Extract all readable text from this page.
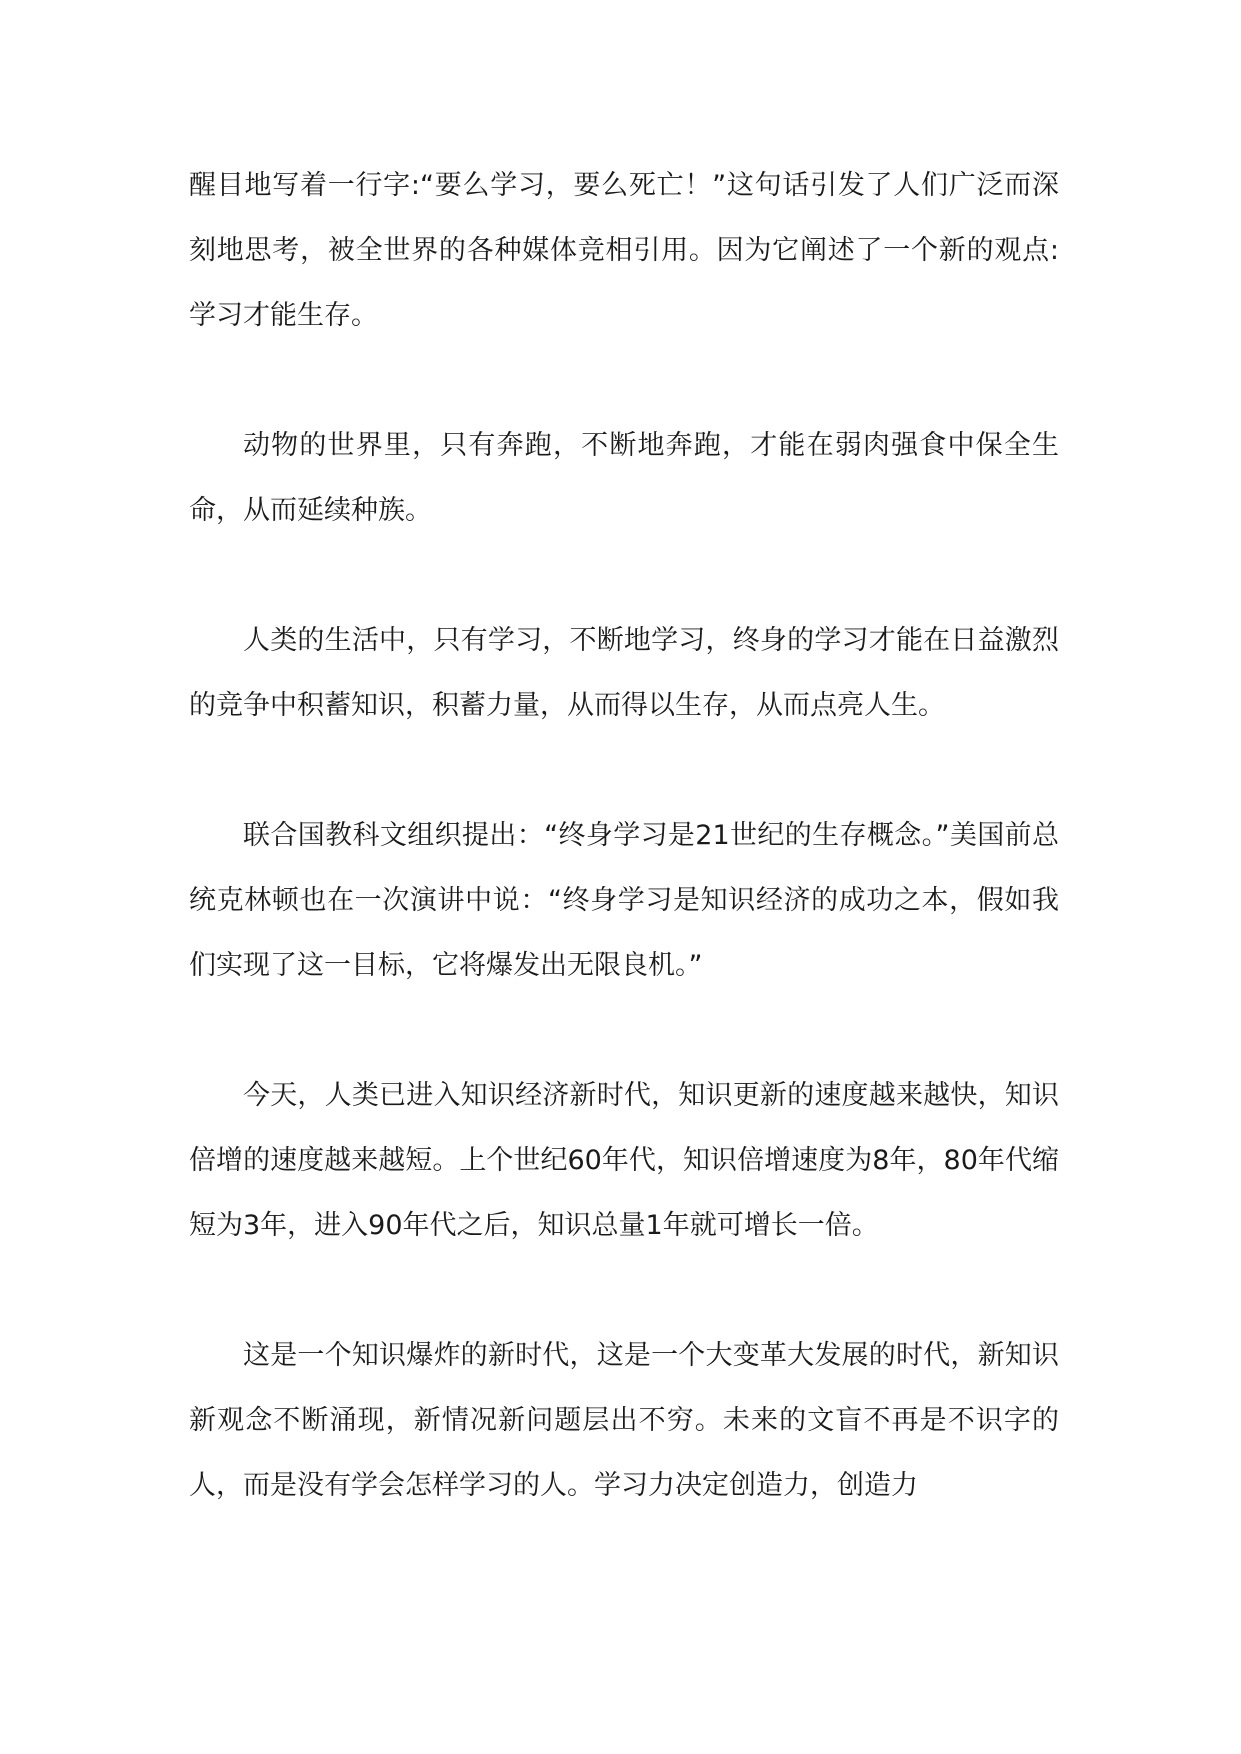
醒目地写着一行字:“要么学习，要么死亡！”这句话引发了人们广泛而深刻地思考，被全世界的各种媒体竞相引用。因为它阐述了一个新的观点:学习才能生存。

动物的世界里，只有奔跑，不断地奔跑，才能在弱肉强食中保全生命，从而延续种族。

人类的生活中，只有学习，不断地学习，终身的学习才能在日益激烈的竞争中积蓄知识，积蓄力量，从而得以生存，从而点亮人生。

联合国教科文组织提出：“终身学习是21世纪的生存概念。”美国前总统克林顿也在一次演讲中说：“终身学习是知识经济的成功之本，假如我们实现了这一目标，它将爆发出无限良机。”

今天，人类已进入知识经济新时代，知识更新的速度越来越快，知识倍增的速度越来越短。上个世纪60年代，知识倍增速度为8年，80年代缩短为3年，进入90年代之后，知识总量1年就可增长一倍。

这是一个知识爆炸的新时代，这是一个大变革大发展的时代，新知识新观念不断涌现，新情况新问题层出不穷。未来的文盲不再是不识字的人，而是没有学会怎样学习的人。学习力决定创造力，创造力
